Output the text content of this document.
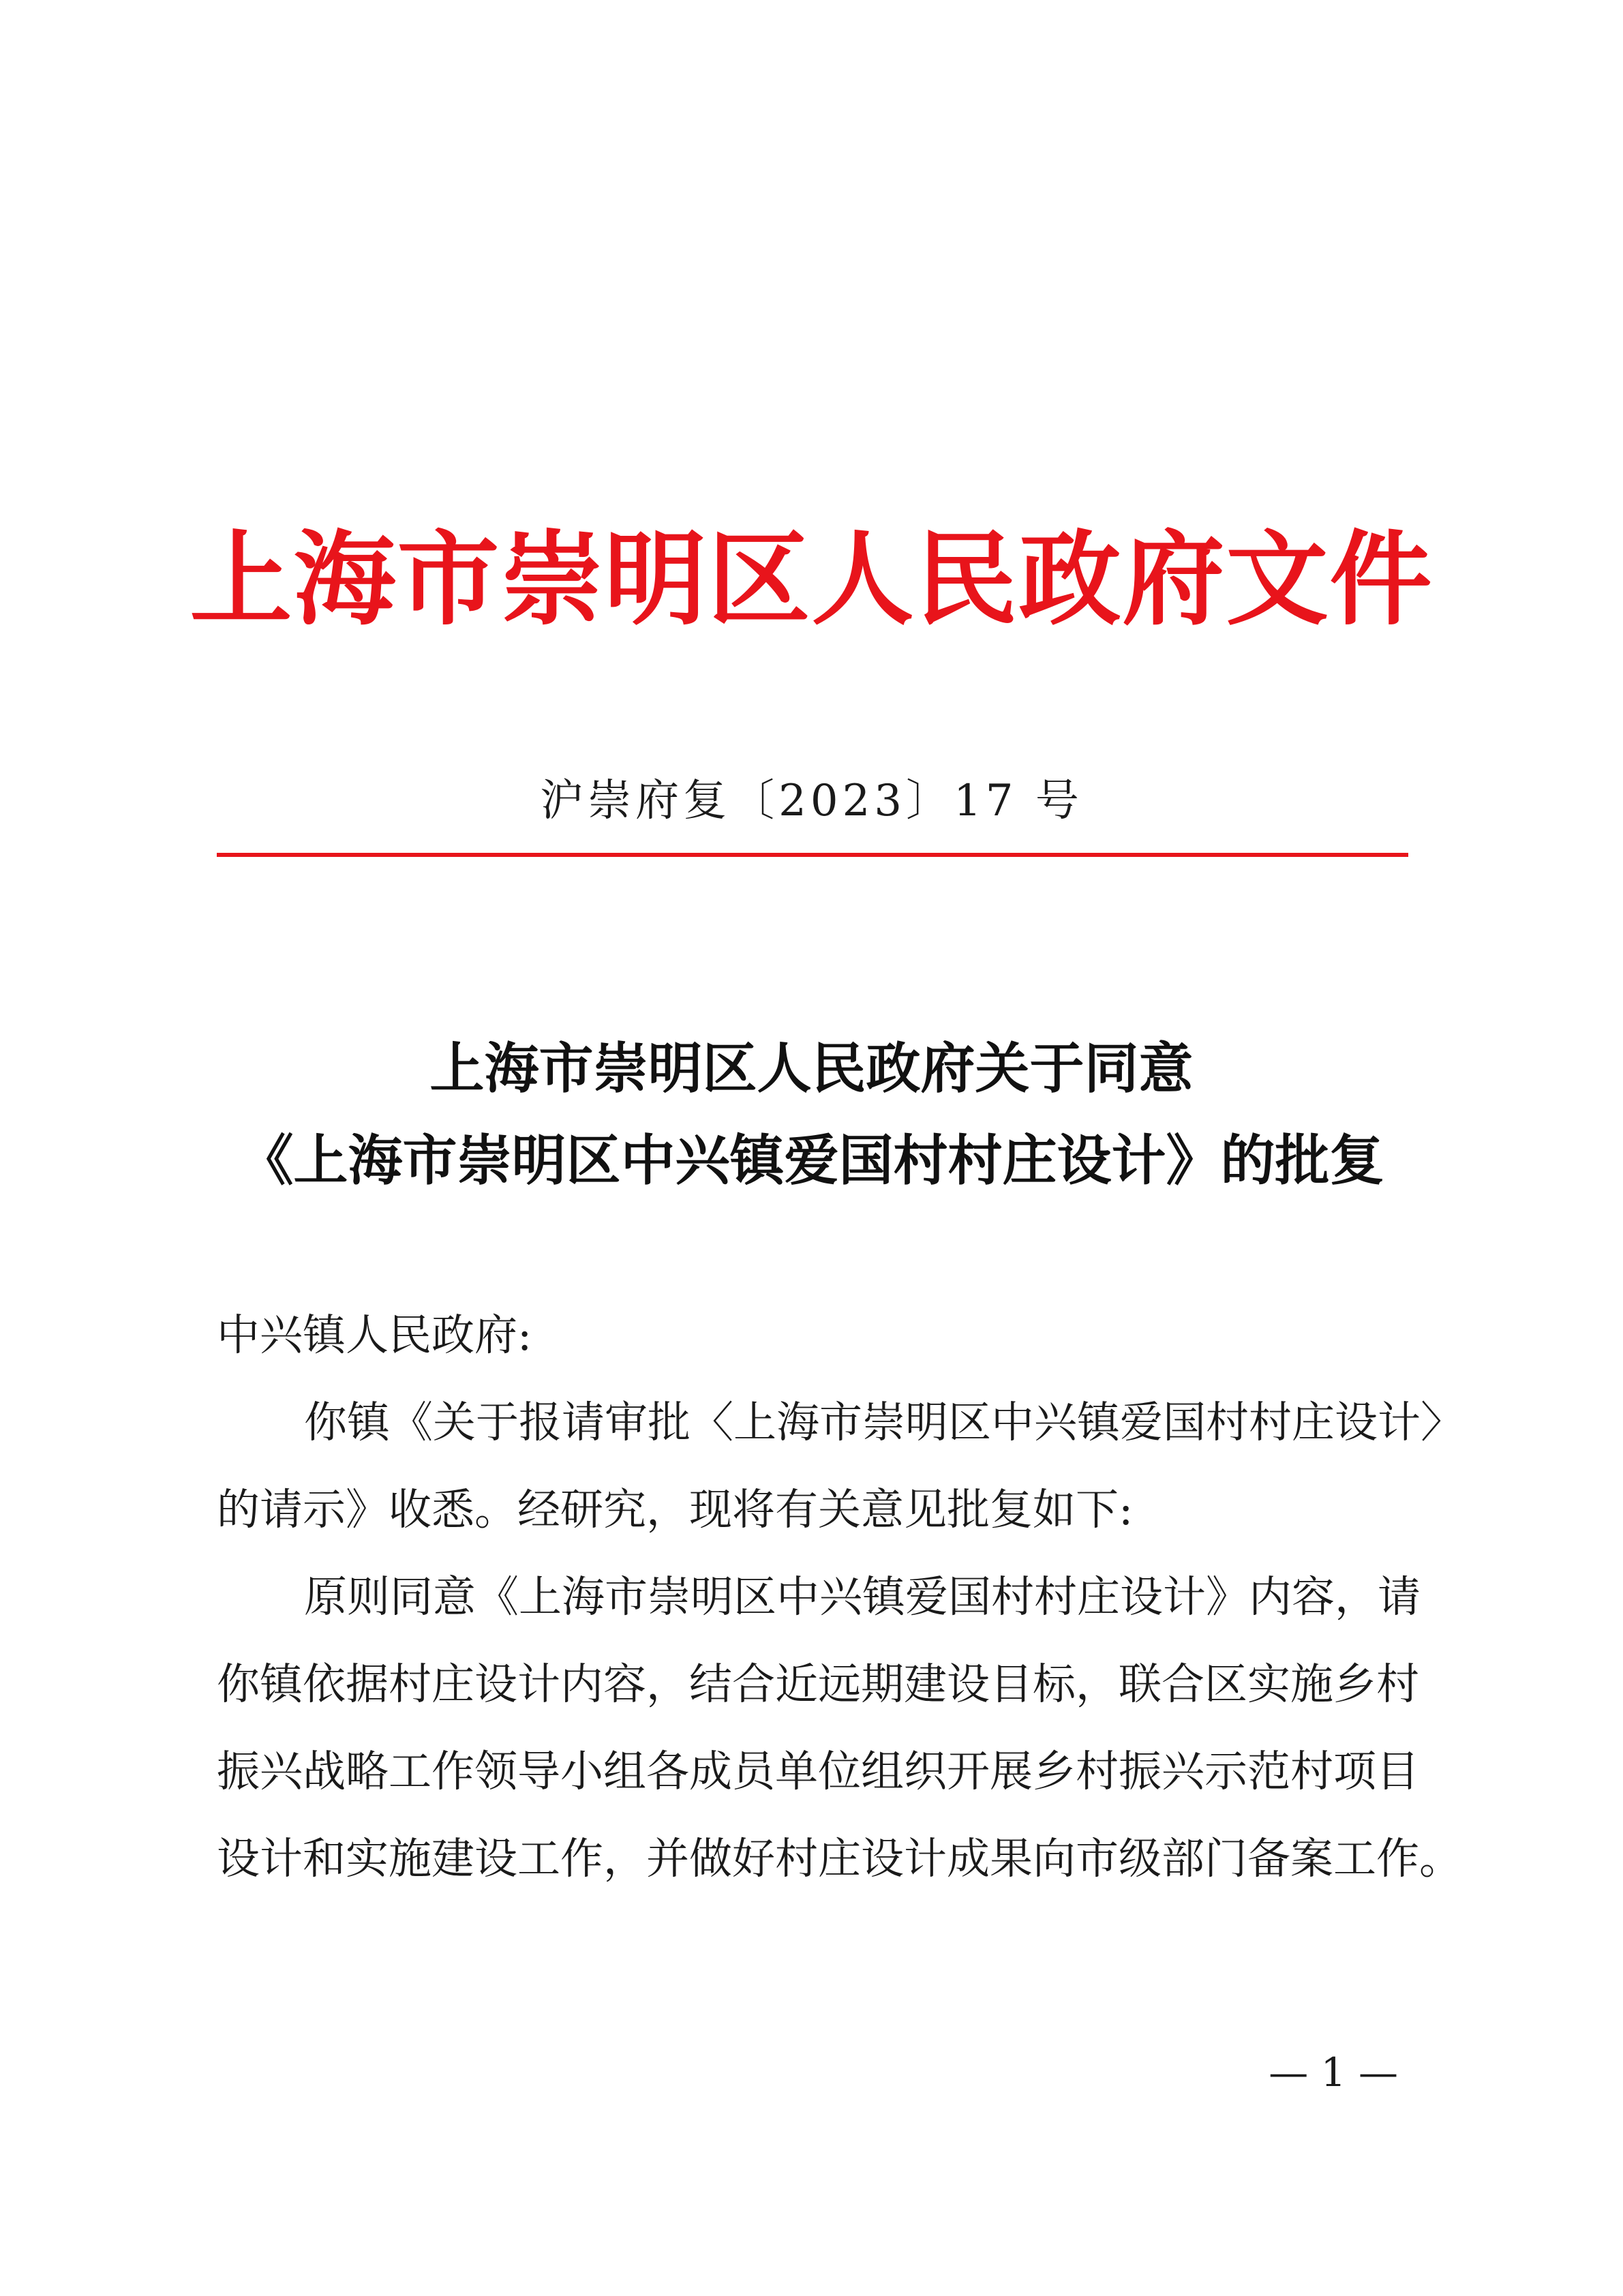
上海市崇明区人民政府文件
沪崇府复〔2023〕17 号
上海市崇明区人民政府关于同意
《上海市崇明区中兴镇爱国村村庄设计》的批复
中兴镇人民政府:
你镇《关于报请审批〈上海市崇明区中兴镇爱国村村庄设计〉
的请示》收悉。经研究，现将有关意见批复如下:
原则同意《上海市崇明区中兴镇爱国村村庄设计》内容，请
你镇依据村庄设计内容，结合近远期建设目标，联合区实施乡村
振兴战略工作领导小组各成员单位组织开展乡村振兴示范村项目
设计和实施建设工作，并做好村庄设计成果向市级部门备案工作。
— 1 —
